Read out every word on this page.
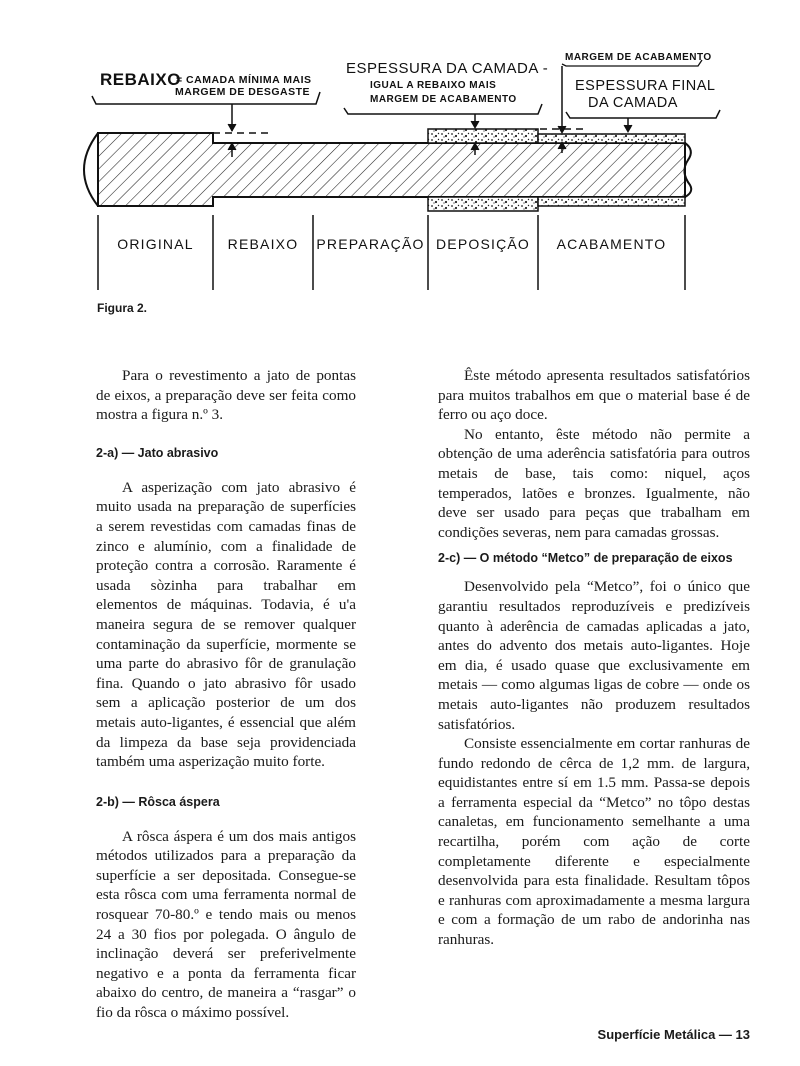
REBAIXO
= CAMADA MÍNIMA MAIS
MARGEM DE DESGASTE
ESPESSURA DA CAMADA -
IGUAL A REBAIXO MAIS
MARGEM DE ACABAMENTO
MARGEM DE ACABAMENTO
ESPESSURA FINAL
DA CAMADA
ORIGINAL	REBAIXO	PREPARAÇÃO DEPOSIÇÃO	ACABAMENTO
Figura 2.

Para o revestimento a jato de pontas de eixos, a preparação deve ser feita como mostra a figura n.º 3.

2-a) — Jato abrasivo

A asperização com jato abrasivo é muito usada na preparação de superfícies a serem revestidas com camadas finas de zinco e alumínio, com a finalidade de proteção contra a corrosão. Raramente é usada sòzinha para trabalhar em elementos de máquinas. Todavia, é u'a maneira segura de se remover qualquer contaminação da superfície, mormente se uma parte do abrasivo fôr de granulação fina. Quando o jato abrasivo fôr usado sem a aplicação posterior de um dos metais auto-ligantes, é essencial que além da limpeza da base seja providenciada também uma asperização muito forte.

2-b) — Rôsca áspera

A rôsca áspera é um dos mais antigos métodos utilizados para a preparação da superfície a ser depositada. Consegue-se esta rôsca com uma ferramenta normal de rosquear 70-80.º e tendo mais ou menos 24 a 30 fios por polegada. O ângulo de inclinação deverá ser preferivelmente negativo e a ponta da ferramenta ficar abaixo do centro, de maneira a “rasgar” o fio da rôsca o máximo possível.

Êste método apresenta resultados satisfatórios para muitos trabalhos em que o material base é de ferro ou aço doce.

No entanto, êste método não permite a obtenção de uma aderência satisfatória para outros metais de base, tais como: niquel, aços temperados, latões e bronzes. Igualmente, não deve ser usado para peças que trabalham em condições severas, nem para camadas grossas.

2-c) — O método “Metco” de preparação de eixos

Desenvolvido pela “Metco”, foi o único que garantiu resultados reproduzíveis e predizíveis quanto à aderência de camadas aplicadas a jato, antes do advento dos metais auto-ligantes. Hoje em dia, é usado quase que exclusivamente em metais — como algumas ligas de cobre — onde os metais auto-ligantes não produzem resultados satisfatórios.

Consiste essencialmente em cortar ranhuras de fundo redondo de cêrca de 1,2 mm. de largura, equidistantes entre sí em 1.5 mm. Passa-se depois a ferramenta especial da “Metco” no tôpo destas canaletas, em funcionamento semelhante a uma recartilha, porém com ação de corte completamente diferente e especialmente desenvolvida para esta finalidade. Resultam tôpos e ranhuras com aproximadamente a mesma largura e com a formação de um rabo de andorinha nas ranhuras.

Superfície Metálica — 13
